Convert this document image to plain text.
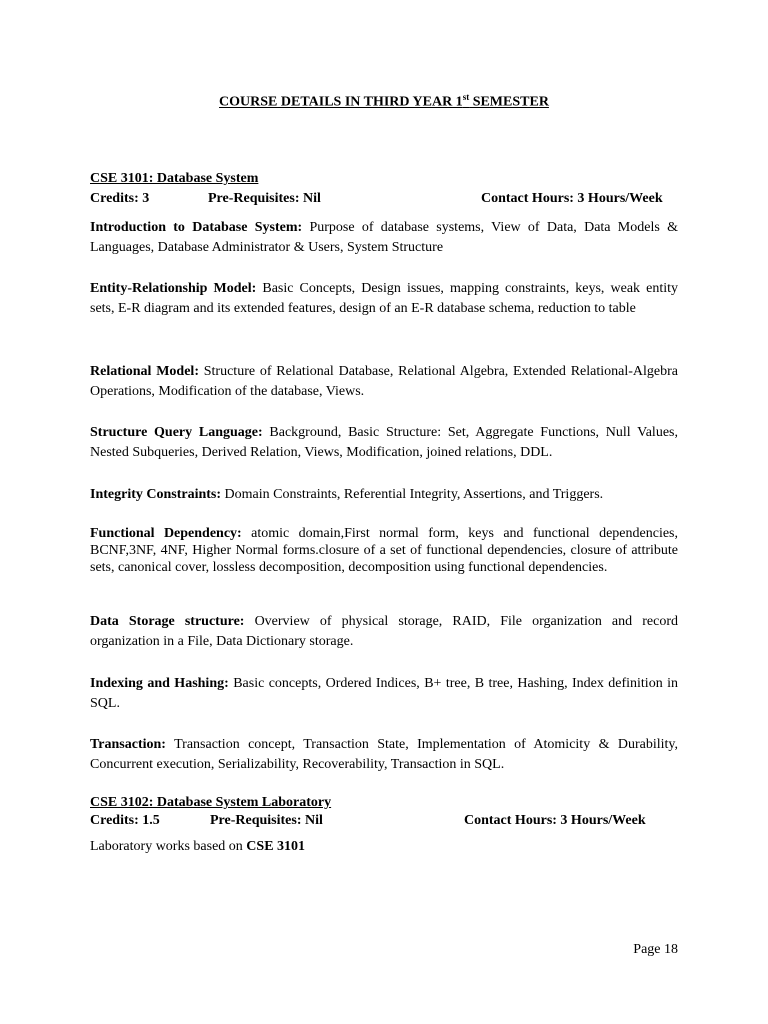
COURSE DETAILS IN THIRD YEAR 1st SEMESTER
CSE 3101: Database System
Credits: 3	Pre-Requisites: Nil	Contact Hours: 3 Hours/Week
Introduction to Database System: Purpose of database systems, View of Data, Data Models & Languages, Database Administrator & Users, System Structure
Entity-Relationship Model: Basic Concepts, Design issues, mapping constraints, keys, weak entity sets, E-R diagram and its extended features, design of an E-R database schema, reduction to table
Relational Model: Structure of Relational Database, Relational Algebra, Extended Relational-Algebra Operations, Modification of the database, Views.
Structure Query Language: Background, Basic Structure: Set, Aggregate Functions, Null Values, Nested Subqueries, Derived Relation, Views, Modification, joined relations, DDL.
Integrity Constraints: Domain Constraints, Referential Integrity, Assertions, and Triggers.
Functional Dependency: atomic domain,First normal form, keys and functional dependencies, BCNF,3NF, 4NF, Higher Normal forms.closure of a set of functional dependencies, closure of attribute sets, canonical cover, lossless decomposition, decomposition using functional dependencies.
Data Storage structure: Overview of physical storage, RAID, File organization and record organization in a File, Data Dictionary storage.
Indexing and Hashing: Basic concepts, Ordered Indices, B+ tree, B tree, Hashing, Index definition in SQL.
Transaction: Transaction concept, Transaction State, Implementation of Atomicity & Durability, Concurrent execution, Serializability, Recoverability, Transaction in SQL.
CSE 3102: Database System Laboratory
Credits: 1.5	Pre-Requisites: Nil	Contact Hours: 3 Hours/Week
Laboratory works based on CSE 3101
Page 18
